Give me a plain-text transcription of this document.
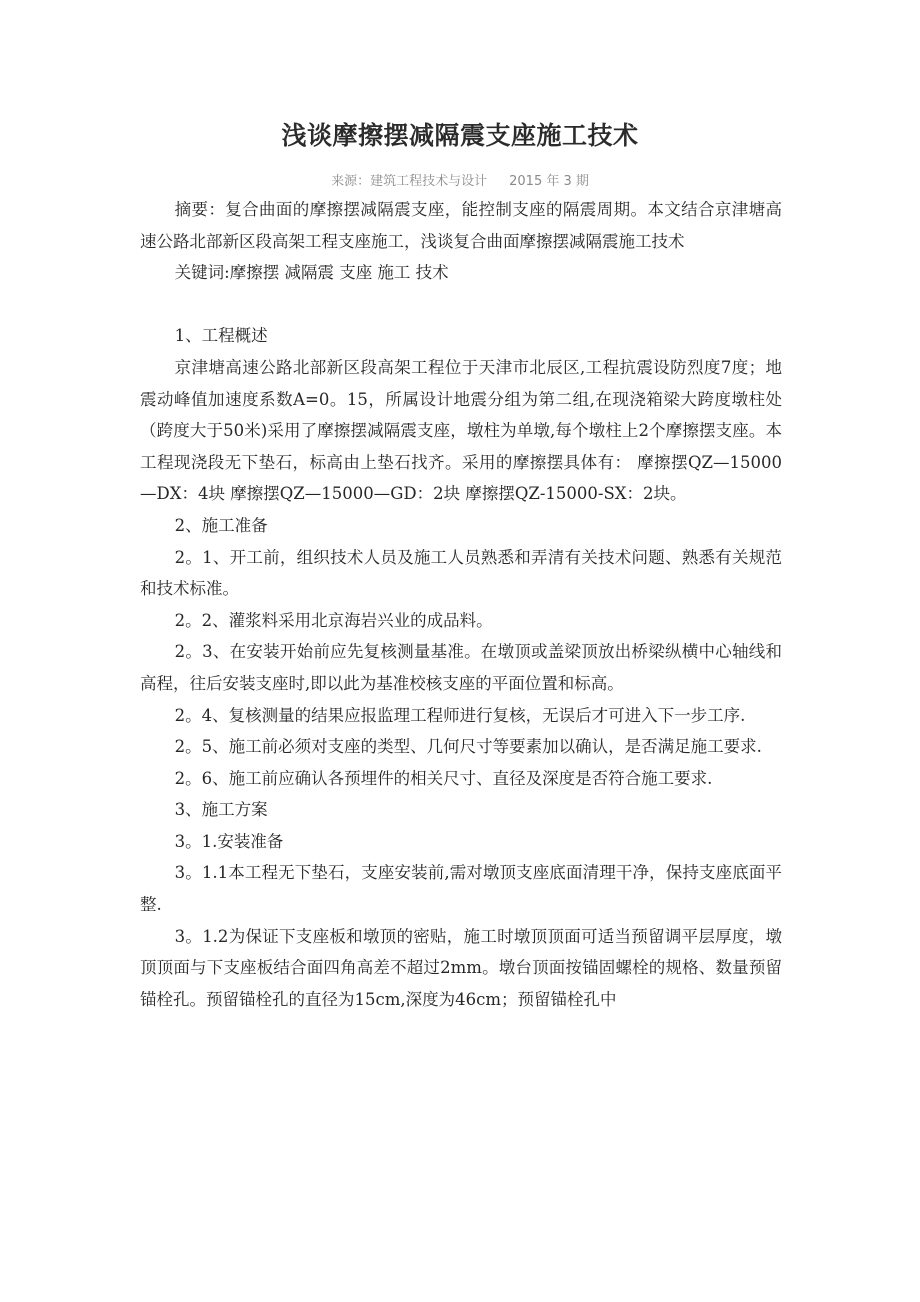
浅谈摩擦摆减隔震支座施工技术
来源：建筑工程技术与设计 2015 年 3 期

摘要：复合曲面的摩擦摆减隔震支座，能控制支座的隔震周期。本文结合京津塘高速公路北部新区段高架工程支座施工，浅谈复合曲面摩擦摆减隔震施工技术

关键词:摩擦摆 减隔震 支座 施工 技术

1、工程概述

京津塘高速公路北部新区段高架工程位于天津市北辰区,工程抗震设防烈度7度；地震动峰值加速度系数A=0。15，所属设计地震分组为第二组,在现浇箱梁大跨度墩柱处（跨度大于50米)采用了摩擦摆减隔震支座，墩柱为单墩,每个墩柱上2个摩擦摆支座。本工程现浇段无下垫石，标高由上垫石找齐。采用的摩擦摆具体有： 摩擦摆QZ—15000—DX：4块 摩擦摆QZ—15000—GD：2块 摩擦摆QZ-15000-SX：2块。

2、施工准备

2。1、开工前，组织技术人员及施工人员熟悉和弄清有关技术问题、熟悉有关规范和技术标准。

2。2、灌浆料采用北京海岩兴业的成品料。

2。3、在安装开始前应先复核测量基准。在墩顶或盖梁顶放出桥梁纵横中心轴线和高程，往后安装支座时,即以此为基准校核支座的平面位置和标高。

2。4、复核测量的结果应报监理工程师进行复核，无误后才可进入下一步工序.

2。5、施工前必须对支座的类型、几何尺寸等要素加以确认，是否满足施工要求.

2。6、施工前应确认各预埋件的相关尺寸、直径及深度是否符合施工要求.

3、施工方案

3。1.安装准备

3。1.1本工程无下垫石，支座安装前,需对墩顶支座底面清理干净，保持支座底面平整.

3。1.2为保证下支座板和墩顶的密贴，施工时墩顶顶面可适当预留调平层厚度，墩顶顶面与下支座板结合面四角高差不超过2mm。墩台顶面按锚固螺栓的规格、数量预留锚栓孔。预留锚栓孔的直径为15cm,深度为46cm；预留锚栓孔中
